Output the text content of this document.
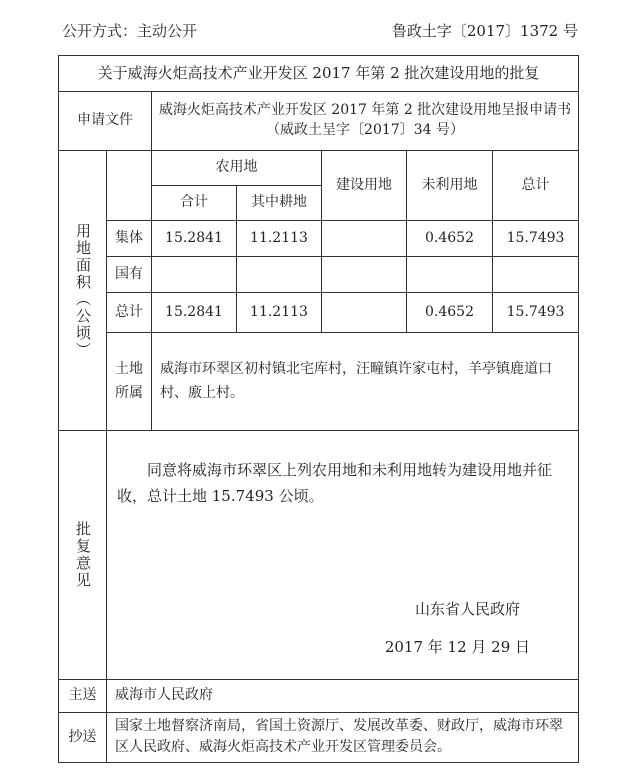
公开方式：主动公开	鲁政土字〔2017〕1372 号
关于威海火炬高技术产业开发区 2017 年第 2 批次建设用地的批复						
申请文件		威海火炬高技术产业开发区 2017 年第 2 批次建设用地呈报申请书
（威政土呈字〔2017〕34 号）				

用地面积（公顷）		农用地		建设用地	未利用地	总计
		合计	其中耕地			
	集体	15.2841	11.2113		0.4652	15.7493
	国有					
	总计	15.2841	11.2113		0.4652	15.7493
	土地所属	威海市环翠区初村镇北宅库村，汪疃镇许家屯村，羊亭镇鹿道口村、廒上村。				

批复意见	同意将威海市环翠区上列农用地和未利用地转为建设用地并征收，总计土地 15.7493 公顷。
山东省人民政府
2017 年 12 月 29 日					

主送	威海市人民政府					
抄送	国家土地督察济南局，省国土资源厅、发展改革委、财政厅，威海市环翠区人民政府、威海火炬高技术产业开发区管理委员会。					
